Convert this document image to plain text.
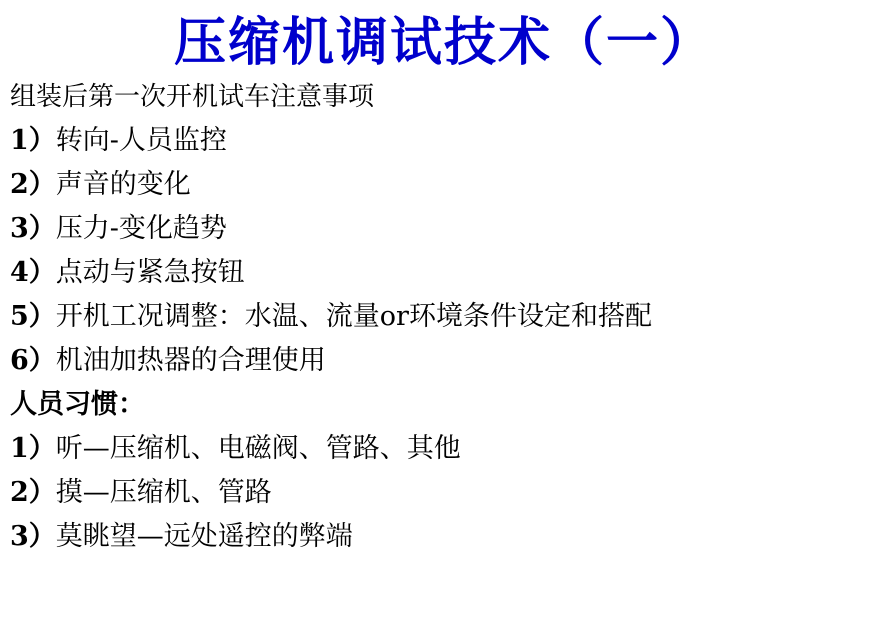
压缩机调试技术（一）
组装后第一次开机试车注意事项
1）转向-人员监控
2）声音的变化
3）压力-变化趋势
4）点动与紧急按钮
5）开机工况调整：水温、流量or环境条件设定和搭配
6）机油加热器的合理使用
人员习惯：
1）听—压缩机、电磁阀、管路、其他
2）摸—压缩机、管路
3）莫眺望—远处遥控的弊端
